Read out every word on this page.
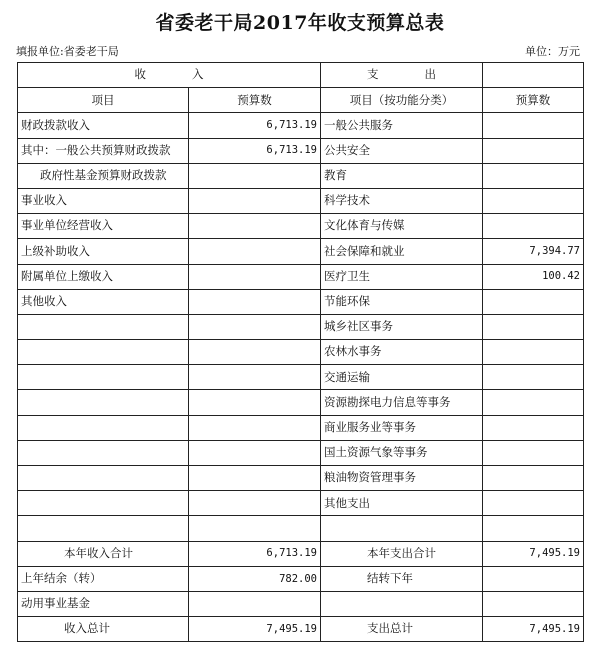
省委老干局2017年收支预算总表
填报单位:省委老干局	单位：万元
收　　　　入		支　　　　出	
项目	预算数	项目（按功能分类）	预算数
财政拨款收入	6,713.19	一般公共服务	
其中：一般公共预算财政拨款	6,713.19	公共安全	
政府性基金预算财政拨款		教育	
事业收入		科学技术	
事业单位经营收入		文化体育与传媒	
上级补助收入		社会保障和就业	7,394.77
附属单位上缴收入		医疗卫生	100.42
其他收入		节能环保	
		城乡社区事务	
		农林水事务	
		交通运输	
		资源勘探电力信息等事务	
		商业服务业等事务	
		国土资源气象等事务	
		粮油物资管理事务	
		其他支出	

本年收入合计	6,713.19	本年支出合计	7,495.19
上年结余（转）	782.00	结转下年	
动用事业基金			
收入总计	7,495.19	支出总计	7,495.19
